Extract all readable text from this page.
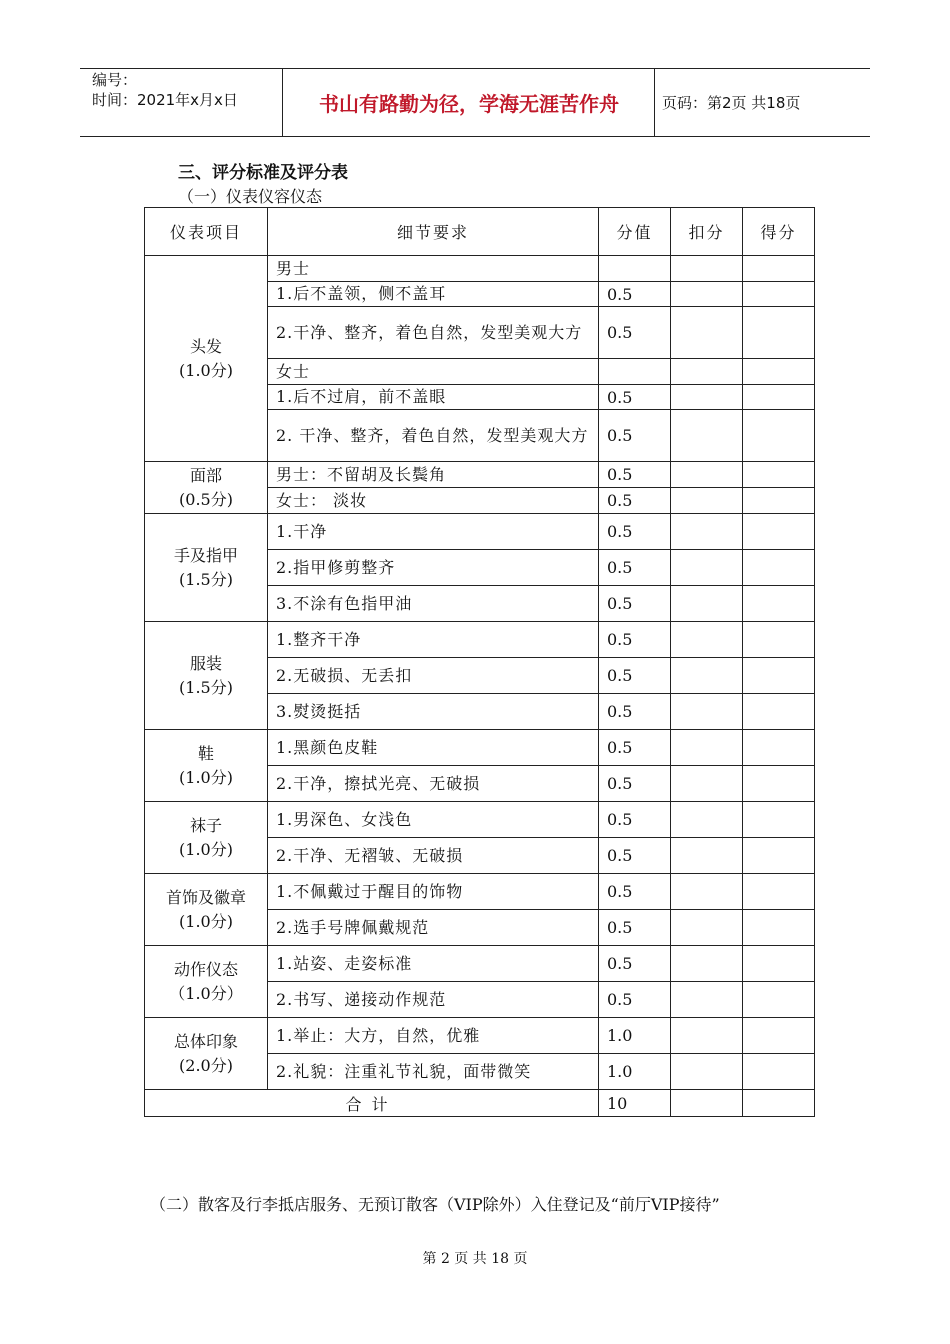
编号：
时间：2021年x月x日	书山有路勤为径，学海无涯苦作舟	页码：第2页 共18页
三、评分标准及评分表
（一）仪表仪容仪态
仪表项目	细节要求	分值	扣分	得分

头发
(1.0分)	男士			
	1.后不盖领，侧不盖耳	0.5		
	2.干净、整齐，着色自然，发型美观大方	0.5		
	女士			
	1.后不过肩，前不盖眼	0.5		
	2. 干净、整齐，着色自然，发型美观大方	0.5		

面部
(0.5分)	男士：不留胡及长鬓角	0.5		
	女士： 淡妆	0.5		

手及指甲
(1.5分)	1.干净	0.5		
	2.指甲修剪整齐	0.5		
	3.不涂有色指甲油	0.5		

服装
(1.5分)	1.整齐干净	0.5		
	2.无破损、无丢扣	0.5		
	3.熨烫挺括	0.5		

鞋
(1.0分)	1.黑颜色皮鞋	0.5		
	2.干净，擦拭光亮、无破损	0.5		

袜子
(1.0分)	1.男深色、女浅色	0.5		
	2.干净、无褶皱、无破损	0.5		

首饰及徽章
(1.0分)	1.不佩戴过于醒目的饰物	0.5		
	2.选手号牌佩戴规范	0.5		

动作仪态
（1.0分）	1.站姿、走姿标准	0.5		
	2.书写、递接动作规范	0.5		

总体印象
(2.0分)	1.举止：大方，自然，优雅	1.0		
	2.礼貌：注重礼节礼貌，面带微笑	1.0		
合计		10		
（二）散客及行李抵店服务、无预订散客（VIP除外）入住登记及“前厅VIP接待”
第 2 页 共 18 页
